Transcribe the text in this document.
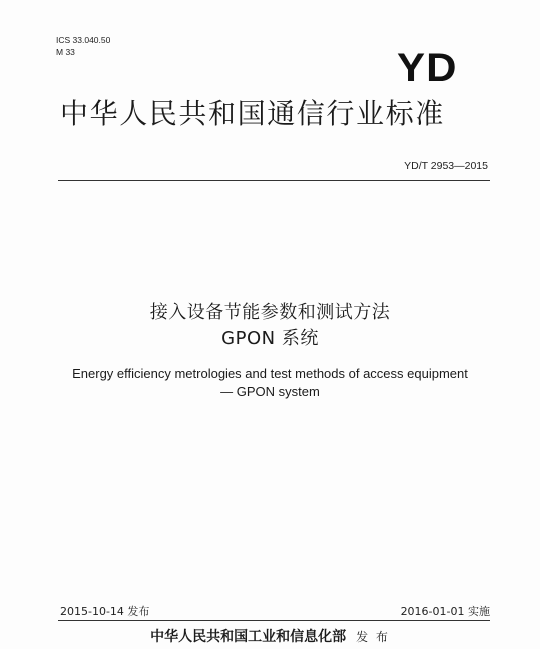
ICS 33.040.50
M 33	YD
中华人民共和国通信行业标准
YD/T 2953—2015
接入设备节能参数和测试方法
GPON 系统
Energy efficiency metrologies and test methods of access equipment
— GPON system
2015-10-14 发布	2016-01-01 实施
中华人民共和国工业和信息化部 发 布
